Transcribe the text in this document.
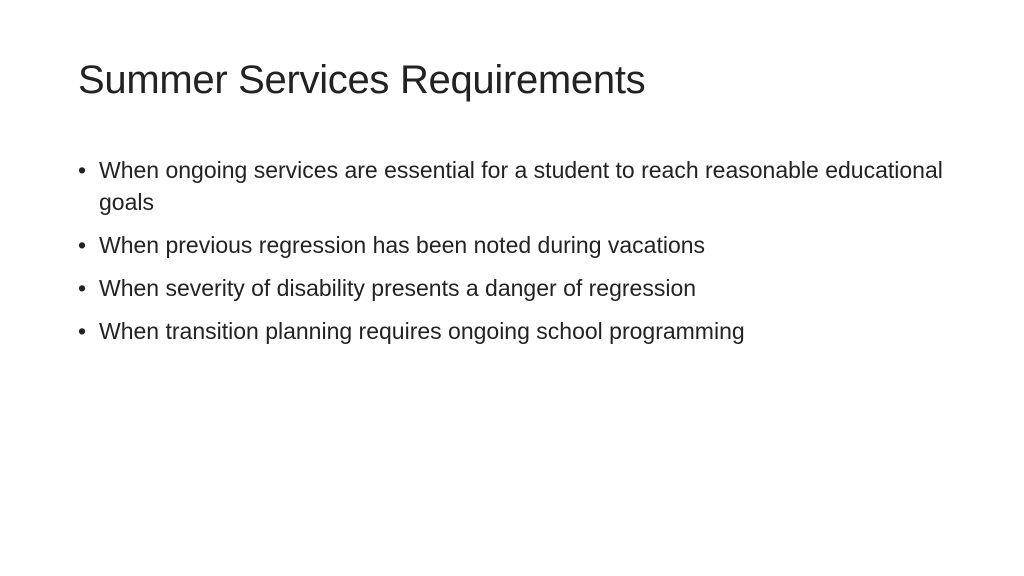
Summer Services Requirements
• When ongoing services are essential for a student to reach reasonable educational goals
• When previous regression has been noted during vacations
• When severity of disability presents a danger of regression
• When transition planning requires ongoing school programming
